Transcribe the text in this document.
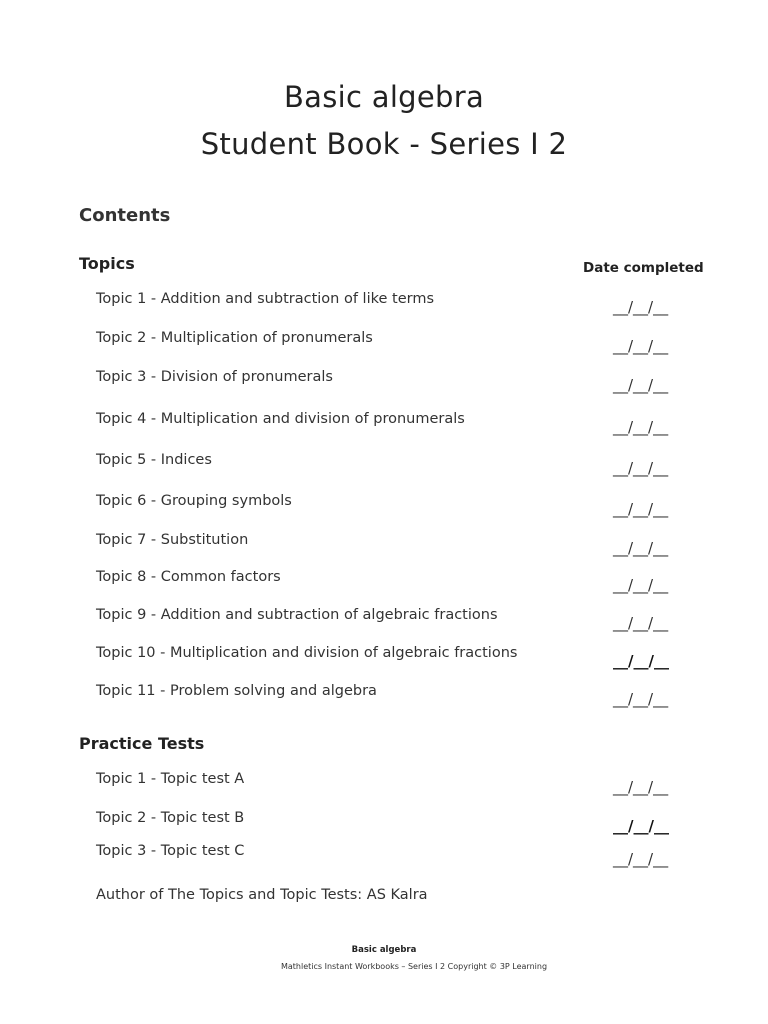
Basic algebra
Student Book - Series I 2
Contents
Topics	Date completed
Topic 1 - Addition and subtraction of like terms	__/__/__
Topic 2 - Multiplication of pronumerals	__/__/__
Topic 3 - Division of pronumerals	__/__/__
Topic 4 - Multiplication and division of pronumerals	__/__/__
Topic 5 - Indices	__/__/__
Topic 6 - Grouping symbols	__/__/__
Topic 7 - Substitution	__/__/__
Topic 8 - Common factors	__/__/__
Topic 9 - Addition and subtraction of algebraic fractions	__/__/__
Topic 10 - Multiplication and division of algebraic fractions	__/__/__
Topic 11 - Problem solving and algebra	__/__/__
Practice Tests
Topic 1 - Topic test A	__/__/__
Topic 2 - Topic test B	__/__/__
Topic 3 - Topic test C	__/__/__
Author of The Topics and Topic Tests: AS Kalra
Basic algebra
Mathletics Instant Workbooks – Series I 2 Copyright © 3P Learning
